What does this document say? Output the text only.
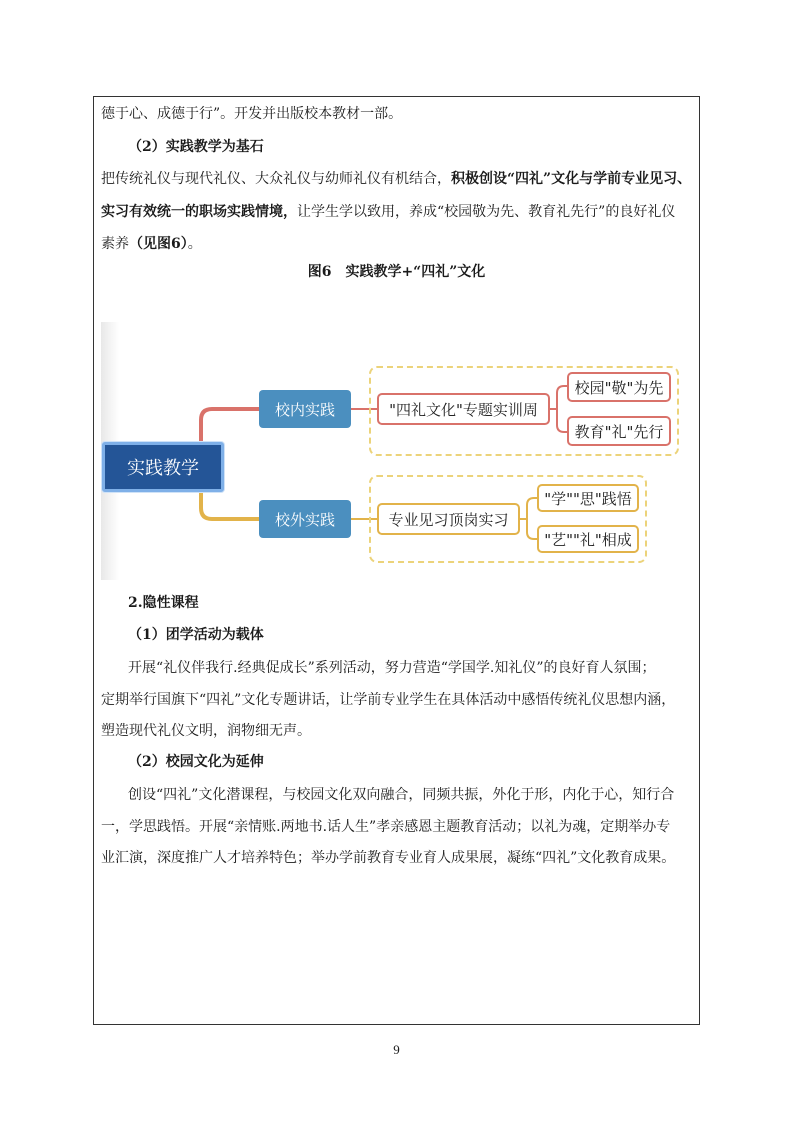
德于心、成德于行”。开发并出版校本教材一部。
（2）实践教学为基石
把传统礼仪与现代礼仪、大众礼仪与幼师礼仪有机结合，积极创设“四礼”文化与学前专业见习、
实习有效统一的职场实践情境，让学生学以致用，养成“校园敬为先、教育礼先行”的良好礼仪
素养（见图6）。
图6　实践教学+“四礼”文化
实践教学
校内实践
校外实践
"四礼文化"专题实训周
校园"敬"为先
教育"礼"先行
专业见习顶岗实习
"学""思"践悟
"艺""礼"相成
2.隐性课程
（1）团学活动为载体
开展“礼仪伴我行.经典促成长”系列活动，努力营造“学国学.知礼仪”的良好育人氛围；
定期举行国旗下“四礼”文化专题讲话，让学前专业学生在具体活动中感悟传统礼仪思想内涵，
塑造现代礼仪文明，润物细无声。
（2）校园文化为延伸
创设“四礼”文化潜课程，与校园文化双向融合，同频共振，外化于形，内化于心，知行合
一，学思践悟。开展“亲情账.两地书.话人生”孝亲感恩主题教育活动；以礼为魂，定期举办专
业汇演，深度推广人才培养特色；举办学前教育专业育人成果展，凝练“四礼”文化教育成果。
9
